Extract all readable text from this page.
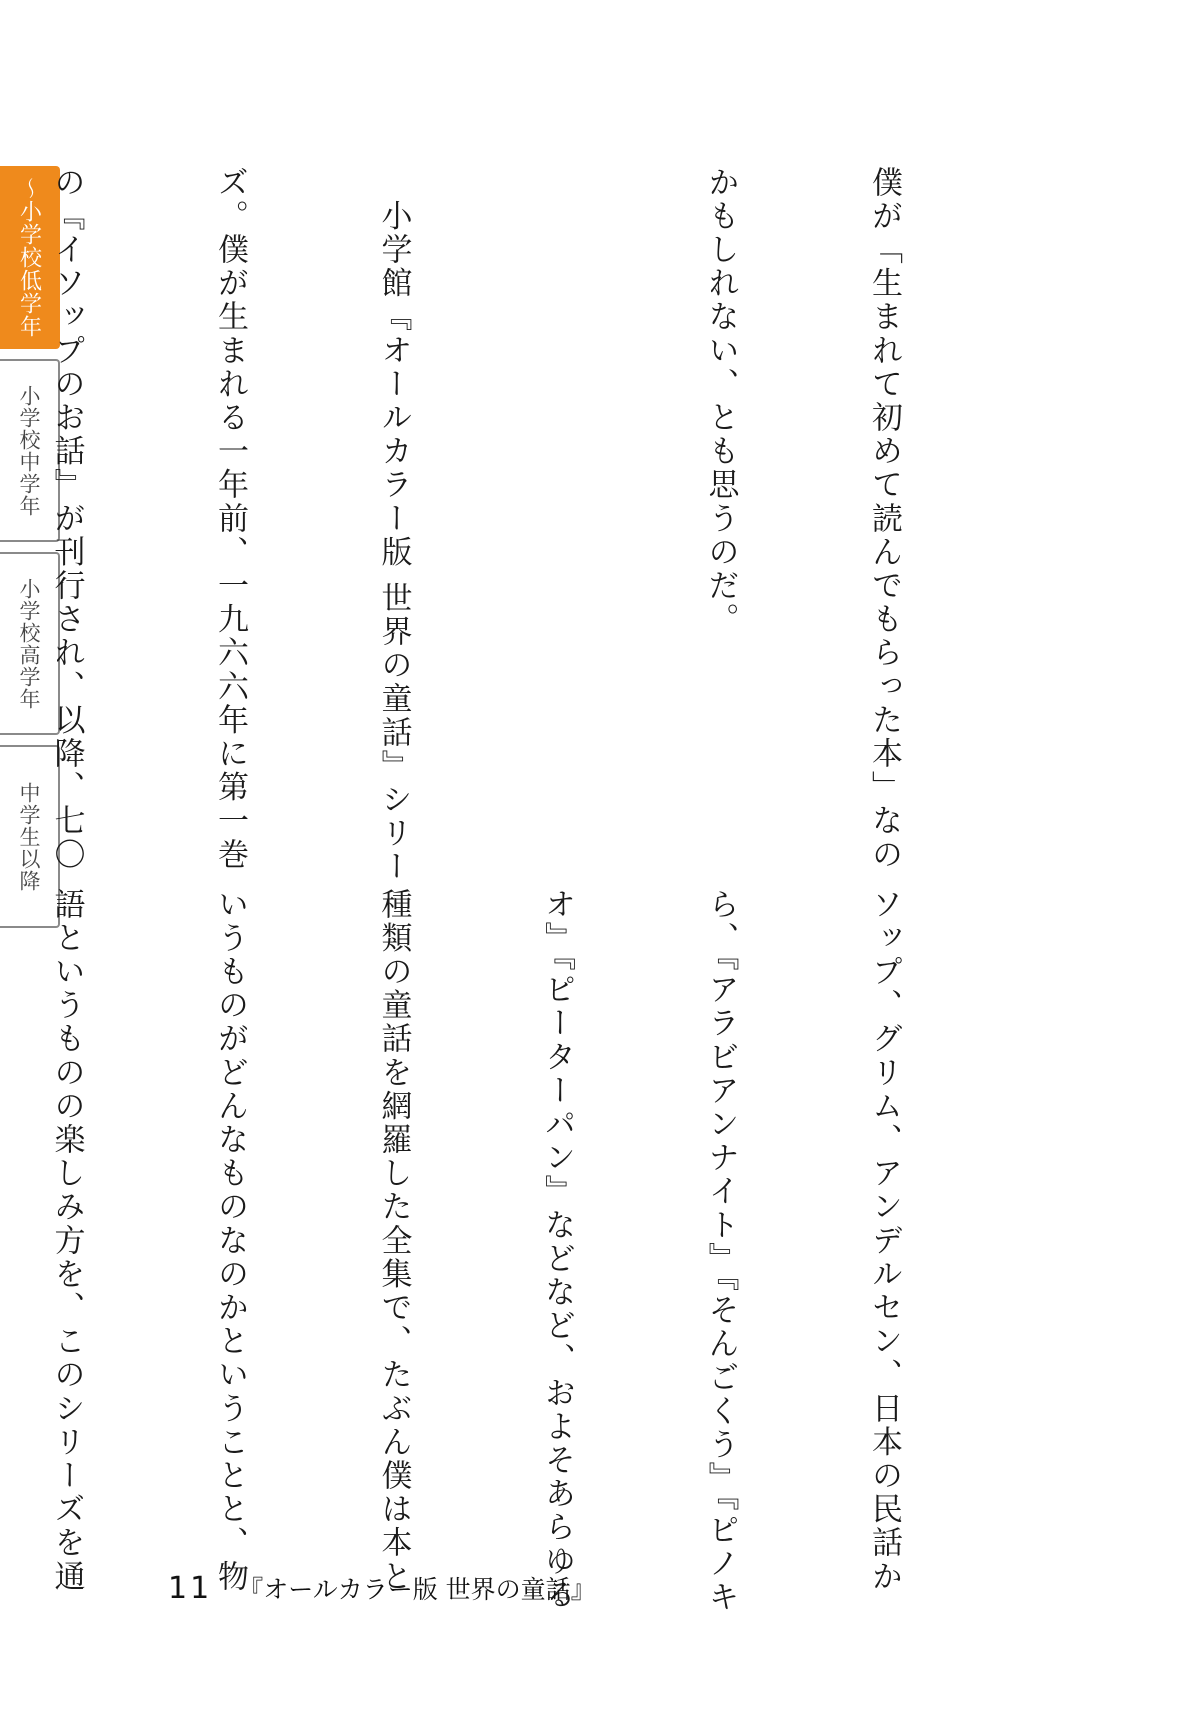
〜小学校低学年
小学校中学年
小学校高学年
中学生以降

	僕が「生まれて初めて読んでもらった本」なの

かもしれない、とも思うのだ。

　小学館『オールカラー版 世界の童話』シリー

ズ。僕が生まれる一年前、一九六六年に第一巻

の『イソップのお話』が刊行され、以降、七〇

ソップ、グリム、アンデルセン、日本の民話か

ら、『アラビアンナイト』『そんごくう』『ピノキ

オ』『ピーターパン』などなど、およそあらゆる

種類の童話を網羅した全集で、たぶん僕は本と

いうものがどんなものなのかということと、物

語というものの楽しみ方を、このシリーズを通

	11 『オールカラー版 世界の童話』
